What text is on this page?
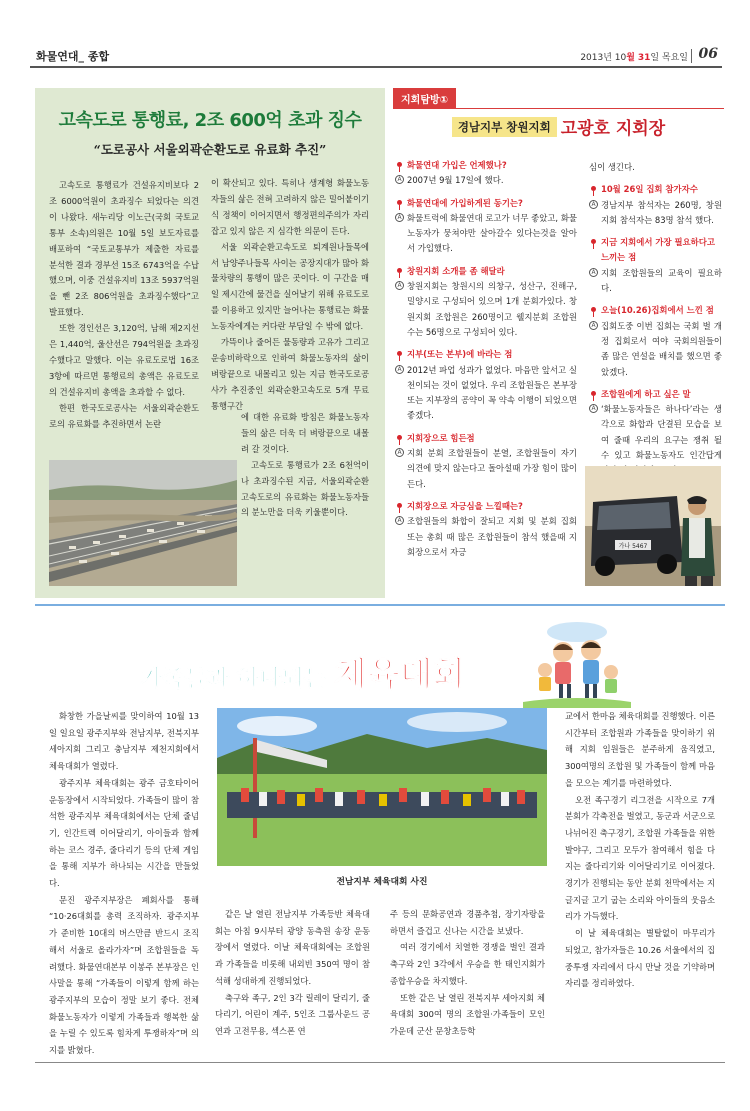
화물연대_ 종합	2013년 10월 31일 목요일 06
고속도로 통행료, 2조 600억 초과 징수
“도로공사 서울외곽순환도로 유료화 추진”

고속도로 통행료가 건설유지비보다 2조 6000억원이 초과징수 되었다는 의견이 나왔다. 새누리당 이노근(국회 국토교통부 소속)의원은 10월 5일 보도자료를 배포하여 “국토교통부가 제출한 자료를 분석한 결과 경부선 15조 6743억을 수납했으며, 이중 건설유지비 13조 5937억원을 뺀 2조 806억원을 초과징수했다”고 발표했다.

또한 경인선은 3,120억, 남해 제2지선은 1,440억, 울산선은 794억원을 초과징수했다고 말했다. 이는 유료도로법 16조 3항에 따르면 통행료의 총액은 유료도로의 건설유지비 총액을 초과할 수 없다.

한편 한국도로공사는 서울외곽순환도로의 유료화를 추진하면서 논란

이 확산되고 있다. 특히나 생계형 화물노동자들의 삶은 전혀 고려하지 않은 밀어붙이기식 정책이 이어지면서 행정편의주의가 자리잡고 있지 않은 지 심각한 의문이 든다.

서울 외곽순환고속도로 퇴계원나들목에서 남양주나들목 사이는 공장지대가 많아 화물차량의 통행이 많은 곳이다. 이 구간을 매일 제시간에 물건을 실어날기 위해 유료도로를 이용하고 있지만 늘어나는 통행료는 화물노동자에게는 커다란 부담일 수 밖에 없다.

가뜩이나 줄어든 물동량과 고유가 그리고 운송비하락으로 인하여 화물노동자의 삶이 벼랑끝으로 내몰리고 있는 지금 한국도로공사가 추진중인 외곽순환고속도로 5개 무료통행구간

에 대한 유료화 방침은 화물노동자들의 삶은 더욱 더 벼랑끝으로 내몰려 갈 것이다.

고속도로 통행료가 2조 6천억이나 초과징수된 지금, 서울외곽순환고속도로의 유료화는 화물노동자들의 분노만을 더욱 키울뿐이다.

지회탐방①
경남지부 창원지회 고광호 지회장
화물연대 가입은 언제했나?
A 2007년 9월 17일에 했다.
화물연대에 가입하게된 동기는?
A 화물트럭에 화물연대 로고가 너무 좋았고, 화물노동자가 뭉쳐야만 살아갈수 있다는것을 알아서 가입했다.
창원지회 소개를 좀 해달라
A 창원지회는 창원시의 의창구, 성산구, 진해구, 밀양시로 구성되어 있으며 1개 분회가있다. 창원지회 조합원은 260명이고 웰지분회 조합원수는 56명으로 구성되어 있다.
지부(또는 본부)에 바라는 점
A 2012년 파업 성과가 없었다. 마음만 앞서고 실천이되는 것이 없었다. 우리 조합원들은 본부장 또는 지부장의 공약이 꼭 약속 이행이 되었으면 좋겠다.
지회장으로 힘든점
A 지회 분회 조합원들이 분열, 조합원들이 자기 의견에 맞지 않는다고 돌아설때 가장 힘이 많이 든다.
지회장으로 자긍심을 느낄때는?
A 조합원들의 화합이 잘되고 지회 및 분회 집회 또는 총회 때 많은 조합원들이 참석 했을때 지회장으로서 자긍
심이 생긴다.
10월 26일 집회 참가자수
A 경남지부 참석자는 260명, 창원지회 참석자는 83명 참석 했다.
지금 지회에서 가장 필요하다고 느끼는 점
A 지회 조합원들의 교육이 필요하다.
오늘(10.26)집회에서 느낀 점
A 집회도중 이번 집회는 국회 벌 개정 집회로서 여야 국회의원들이 좀 많은 연설을 배치를 했으면 좋았겠다.
조합원에게 하고 싶은 말
A ‘화물노동자들은 하나다’라는 생각으로 화합과 단결된 모습을 보여 줄때 우리의 요구는 쟁취 될 수 있고 화물노동자도 인간답게
가나 5467
가족들과 하나되는 체육대회

화창한 가을날씨를 맞이하여 10월 13일 일요일 광주지부와 전남지부, 전북지부 세아지회 그리고 충남지부 제천지회에서 체육대회가 열렸다.

광주지부 체육대회는 광주 금호타이어 운동장에서 시작되었다. 가족들이 많이 참석한 광주지부 체육대회에서는 단체 줄넘기, 인간트렉 이어달리기, 아이들과 함께 하는 코스 경주, 줄다리기 등의 단체 게임을 통해 지부가 하나되는 시간을 만들었다.

문진 광주지부장은 폐회사를 통해 “10·26대회를 총력 조직하자. 광주지부가 준비한 10대의 버스만큼 반드시 조직해서 서울로 올라가자”며 조합원들을 독려했다. 화물연대본부 이봉주 본부장은 인사말을 통해 “가족들이 이렇게 함께 하는 광주지부의 모습이 정말 보기 좋다. 전체 화물노동자가 이렇게 가족들과 행복한 삶을 누릴 수 있도록 힘차게 투쟁하자”며 의지를 밝혔다.

전남지부 체육대회 사진

같은 날 열린 전남지부 가족등반 체육대회는 아침 9시부터 광양 동측원 송장 운동장에서 열렸다. 이날 체육대회에는 조합원과 가족들을 비롯해 내외빈 350여 명이 참석해 성대하게 진행되었다.

축구와 족구, 2인 3각 릴레이 달리기, 줄다리기, 어린이 계주, 5인조 그룹사운드 공연과 고전무용, 섹스폰 연

주 등의 문화공연과 경품추첨, 장기자랑을 하면서 즐겁고 신나는 시간을 보냈다.

여러 경기에서 치열한 경쟁을 벌인 결과 축구와 2인 3각에서 우승을 한 태인지회가 종합우승을 차지했다.

또한 같은 날 열린 전북지부 세아지회 체육대회 300여 명의 조합원·가족들이 모인 가운데 군산 문창초등학

교에서 한마음 체육대회를 진행했다. 이른 시간부터 조합원과 가족들을 맞이하기 위해 지회 임원들은 분주하게 움직였고, 300여명의 조합원 및 가족들이 함께 마음을 모으는 계기를 마련하였다.

오전 족구경기 리그전을 시작으로 7개 분회가 각축전을 벌였고, 동군과 서군으로 나뉘어진 축구경기, 조합원 가족들을 위한 발야구, 그리고 모두가 참여해서 힘을 다지는 줄다리기와 이어달리기로 이어졌다. 경기가 진행되는 동안 분회 천막에서는 지글지글 고기 굽는 소리와 아이들의 웃음소리가 가득했다.

이 날 체육대회는 별탈없이 마무리가 되었고, 참가자들은 10.26 서울에서의 집중투쟁 자리에서 다시 만날 것을 기약하며 자리를 정리하였다.
